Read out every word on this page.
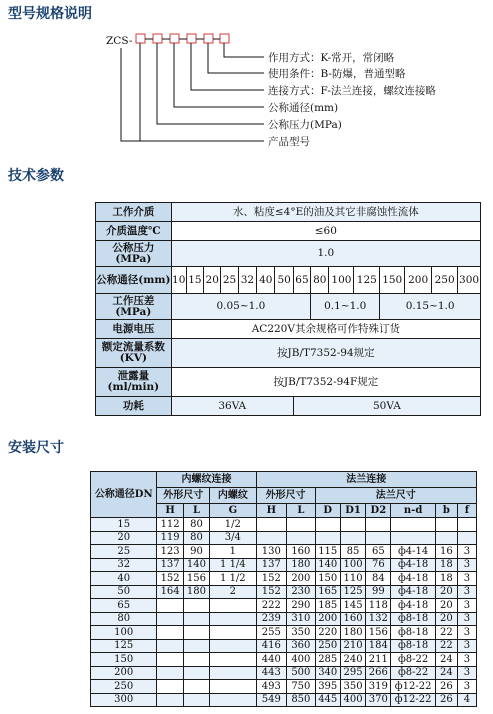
型号规格说明
ZCS-
作用方式：K-常开，常闭略
使用条件：B-防爆，普通型略
连接方式：F-法兰连接，螺纹连接略
公称通径(mm)
公称压力(MPa)
产品型号
技术参数
工作介质	水、粘度≤4°E的油及其它非腐蚀性流体														
介质温度℃	≤60														
公称压力(MPa)	1.0														
公称通径(mm)	10	15	20	25	32	40	50	65	80	100	125	150	200	250	300
工作压差(MPa)	0.05~1.0								0.1~1.0			0.15~1.0			
电源电压	AC220V其余规格可作特殊订货														
额定流量系数(KV)	按JB/T7352-94规定														
泄露量(ml/min)	按JB/T7352-94F规定														
功耗	36VA							50VA							
安装尺寸
公称通径DN	内螺纹连接			法兰连接							
	外形尺寸		内螺纹	外形尺寸		法兰尺寸					
	H	L	G	H	L	D	D1	D2	n-d	b	f
15	112	80	1/2								
20	119	80	3/4								
25	123	90	1	130	160	115	85	65	ф4-14	16	3
32	137	140	1 1/4	137	180	140	100	76	ф4-18	18	3
40	152	156	1 1/2	152	200	150	110	84	ф4-18	18	3
50	164	180	2	152	230	165	125	99	ф4-18	20	3
65				222	290	185	145	118	ф4-18	20	3
80				239	310	200	160	132	ф8-18	20	3
100				255	350	220	180	156	ф8-18	22	3
125				416	360	250	210	184	ф8-18	22	3
150				440	400	285	240	211	ф8-22	24	3
200				443	500	340	295	266	ф8-22	24	3
250				493	750	395	350	319	ф12-22	26	3
300				549	850	445	400	370	ф12-22	26	4
